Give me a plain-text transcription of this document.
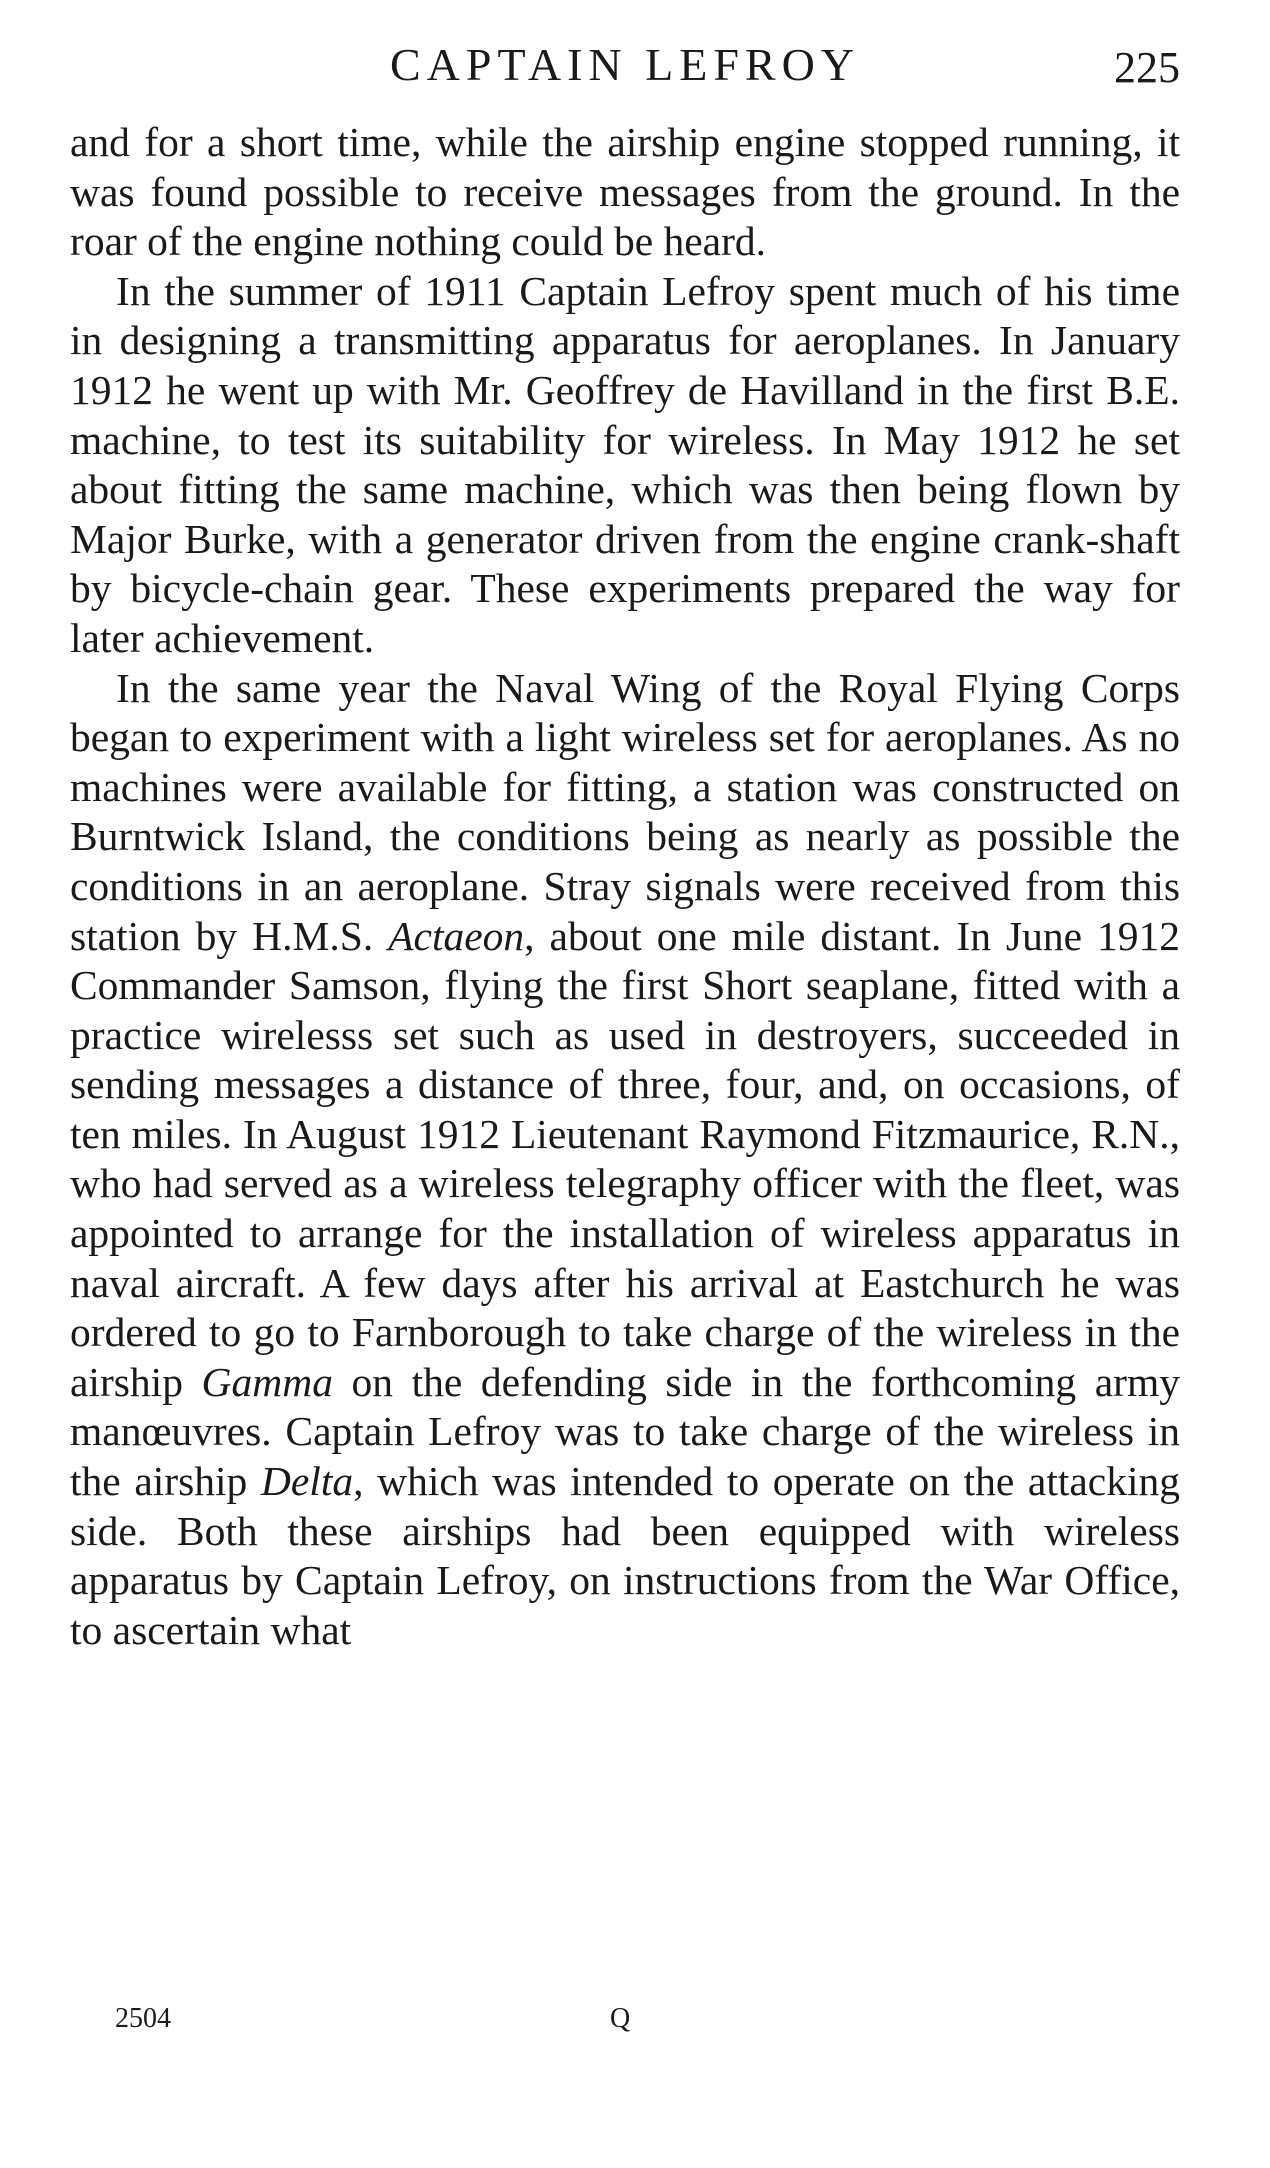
CAPTAIN LEFROY	225

and for a short time, while the airship engine stopped running, it was found possible to receive messages from the ground. In the roar of the engine nothing could be heard.

In the summer of 1911 Captain Lefroy spent much of his time in designing a transmitting apparatus for aeroplanes. In January 1912 he went up with Mr. Geoffrey de Havilland in the first B.E. machine, to test its suitability for wireless. In May 1912 he set about fitting the same machine, which was then being flown by Major Burke, with a generator driven from the engine crank-shaft by bicycle-chain gear. These experiments prepared the way for later achievement.

In the same year the Naval Wing of the Royal Flying Corps began to experiment with a light wireless set for aeroplanes. As no machines were available for fitting, a station was constructed on Burntwick Island, the conditions being as nearly as possible the conditions in an aeroplane. Stray signals were received from this station by H.M.S. Actaeon, about one mile distant. In June 1912 Commander Samson, flying the first Short seaplane, fitted with a practice wirelesss set such as used in destroyers, succeeded in sending messages a distance of three, four, and, on occasions, of ten miles. In August 1912 Lieutenant Raymond Fitzmaurice, R.N., who had served as a wireless telegraphy officer with the fleet, was appointed to arrange for the installation of wireless apparatus in naval aircraft. A few days after his arrival at Eastchurch he was ordered to go to Farnborough to take charge of the wireless in the airship Gamma on the defending side in the forthcoming army manœuvres. Captain Lefroy was to take charge of the wireless in the airship Delta, which was intended to operate on the attacking side. Both these airships had been equipped with wireless apparatus by Captain Lefroy, on instructions from the War Office, to ascertain what

2504	Q
